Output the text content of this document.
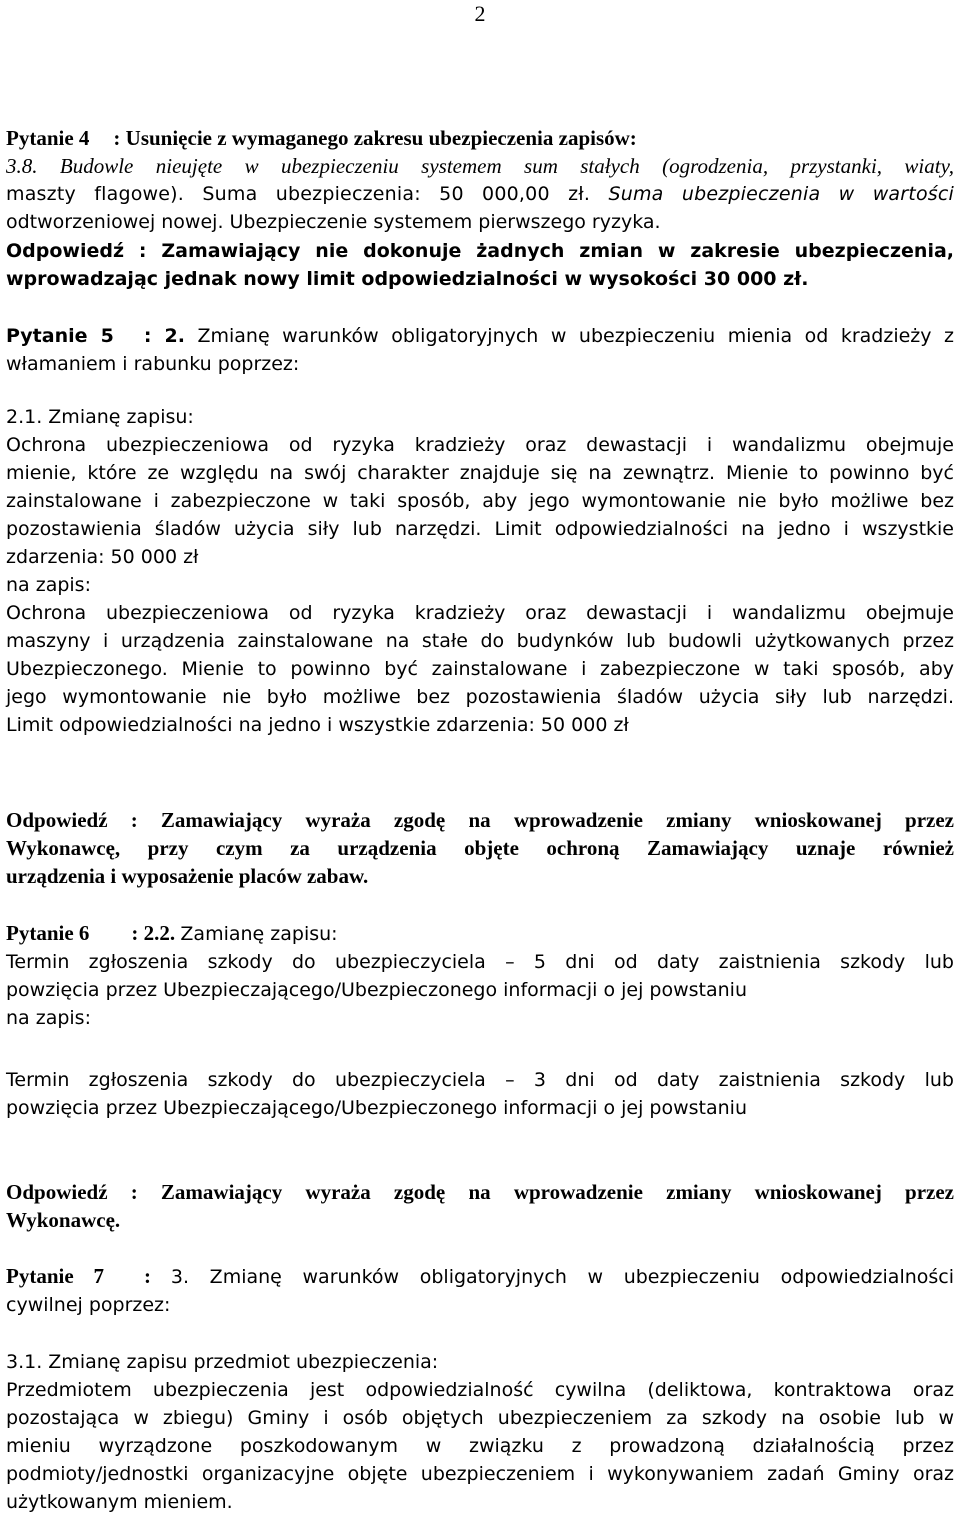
2
Pytanie 4 : Usunięcie z wymaganego zakresu ubezpieczenia zapisów:
3.8. Budowle nieujęte w ubezpieczeniu systemem sum stałych (ogrodzenia, przystanki, wiaty,
maszty flagowe). Suma ubezpieczenia: 50 000,00 zł. Suma ubezpieczenia w wartości
odtworzeniowej nowej. Ubezpieczenie systemem pierwszego ryzyka.
Odpowiedź : Zamawiający nie dokonuje żadnych zmian w zakresie ubezpieczenia,
wprowadzając jednak nowy limit odpowiedzialności w wysokości 30 000 zł.
Pytanie 5 : 2. Zmianę warunków obligatoryjnych w ubezpieczeniu mienia od kradzieży z
włamaniem i rabunku poprzez:
2.1. Zmianę zapisu:
Ochrona ubezpieczeniowa od ryzyka kradzieży oraz dewastacji i wandalizmu obejmuje
mienie, które ze względu na swój charakter znajduje się na zewnątrz. Mienie to powinno być
zainstalowane i zabezpieczone w taki sposób, aby jego wymontowanie nie było możliwe bez
pozostawienia śladów użycia siły lub narzędzi. Limit odpowiedzialności na jedno i wszystkie
zdarzenia: 50 000 zł
na zapis:
Ochrona ubezpieczeniowa od ryzyka kradzieży oraz dewastacji i wandalizmu obejmuje
maszyny i urządzenia zainstalowane na stałe do budynków lub budowli użytkowanych przez
Ubezpieczonego. Mienie to powinno być zainstalowane i zabezpieczone w taki sposób, aby
jego wymontowanie nie było możliwe bez pozostawienia śladów użycia siły lub narzędzi.
Limit odpowiedzialności na jedno i wszystkie zdarzenia: 50 000 zł
Odpowiedź : Zamawiający wyraża zgodę na wprowadzenie zmiany wnioskowanej przez
Wykonawcę, przy czym za urządzenia objęte ochroną Zamawiający uznaje również
urządzenia i wyposażenie placów zabaw.
Pytanie 6 : 2.2. Zamianę zapisu:
Termin zgłoszenia szkody do ubezpieczyciela – 5 dni od daty zaistnienia szkody lub
powzięcia przez Ubezpieczającego/Ubezpieczonego informacji o jej powstaniu
na zapis:
Termin zgłoszenia szkody do ubezpieczyciela – 3 dni od daty zaistnienia szkody lub
powzięcia przez Ubezpieczającego/Ubezpieczonego informacji o jej powstaniu
Odpowiedź : Zamawiający wyraża zgodę na wprowadzenie zmiany wnioskowanej przez
Wykonawcę.
Pytanie 7 : 3. Zmianę warunków obligatoryjnych w ubezpieczeniu odpowiedzialności
cywilnej poprzez:
3.1. Zmianę zapisu przedmiot ubezpieczenia:
Przedmiotem ubezpieczenia jest odpowiedzialność cywilna (deliktowa, kontraktowa oraz
pozostająca w zbiegu) Gminy i osób objętych ubezpieczeniem za szkody na osobie lub w
mieniu wyrządzone poszkodowanym w związku z prowadzoną działalnością przez
podmioty/jednostki organizacyjne objęte ubezpieczeniem i wykonywaniem zadań Gminy oraz
użytkowanym mieniem.
